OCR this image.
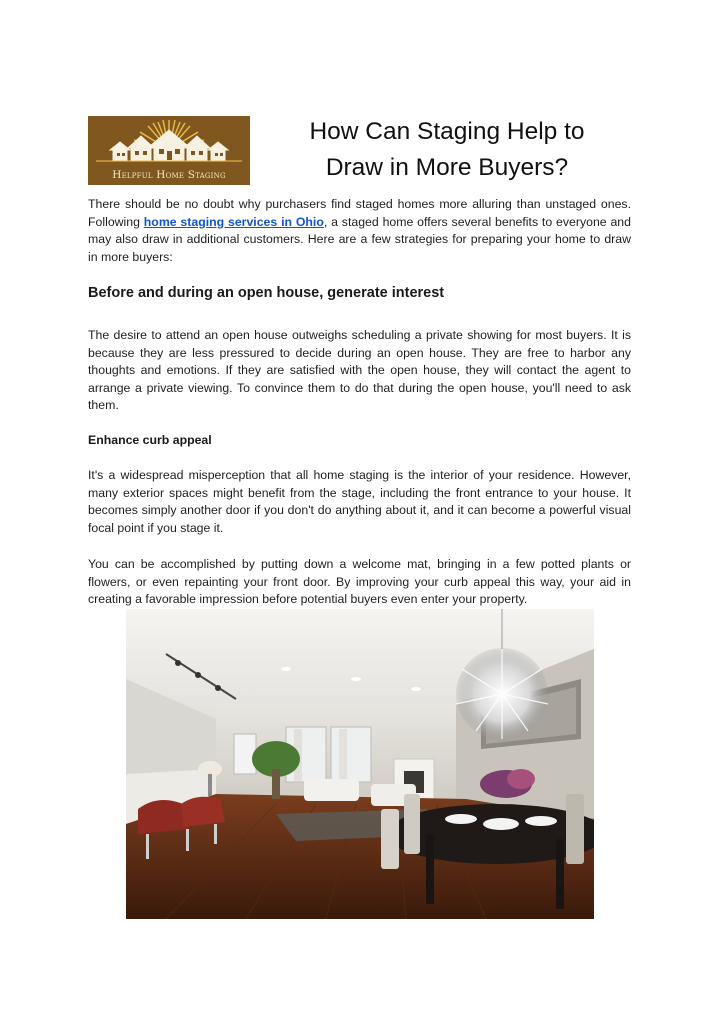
Helpful Home Staging
How Can Staging Help to
Draw in More Buyers?
There should be no doubt why purchasers find staged homes more alluring than unstaged ones. Following home staging services in Ohio, a staged home offers several benefits to everyone and may also draw in additional customers. Here are a few strategies for preparing your home to draw in more buyers:
Before and during an open house, generate interest
The desire to attend an open house outweighs scheduling a private showing for most buyers. It is because they are less pressured to decide during an open house. They are free to harbor any thoughts and emotions. If they are satisfied with the open house, they will contact the agent to arrange a private viewing. To convince them to do that during the open house, you'll need to ask them.
Enhance curb appeal
It's a widespread misperception that all home staging is the interior of your residence. However, many exterior spaces might benefit from the stage, including the front entrance to your house. It becomes simply another door if you don't do anything about it, and it can become a powerful visual focal point if you stage it.
You can be accomplished by putting down a welcome mat, bringing in a few potted plants or flowers, or even repainting your front door. By improving your curb appeal this way, your aid in creating a favorable impression before potential buyers even enter your property.
